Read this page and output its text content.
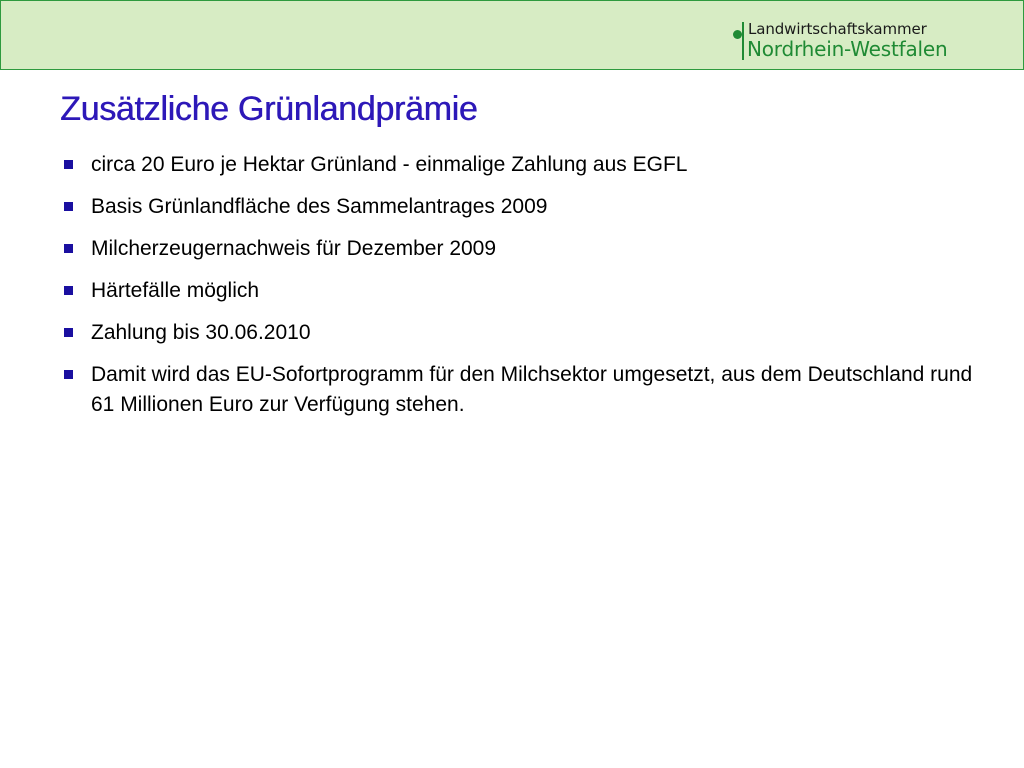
Landwirtschaftskammer
Nordrhein-Westfalen
Zusätzliche Grünlandprämie
circa 20 Euro je Hektar Grünland - einmalige Zahlung aus EGFL
Basis Grünlandfläche des Sammelantrages 2009
Milcherzeugernachweis für Dezember 2009
Härtefälle möglich
Zahlung bis 30.06.2010
Damit wird das EU-Sofortprogramm für den Milchsektor umgesetzt, aus dem Deutschland rund 61 Millionen Euro zur Verfügung stehen.
